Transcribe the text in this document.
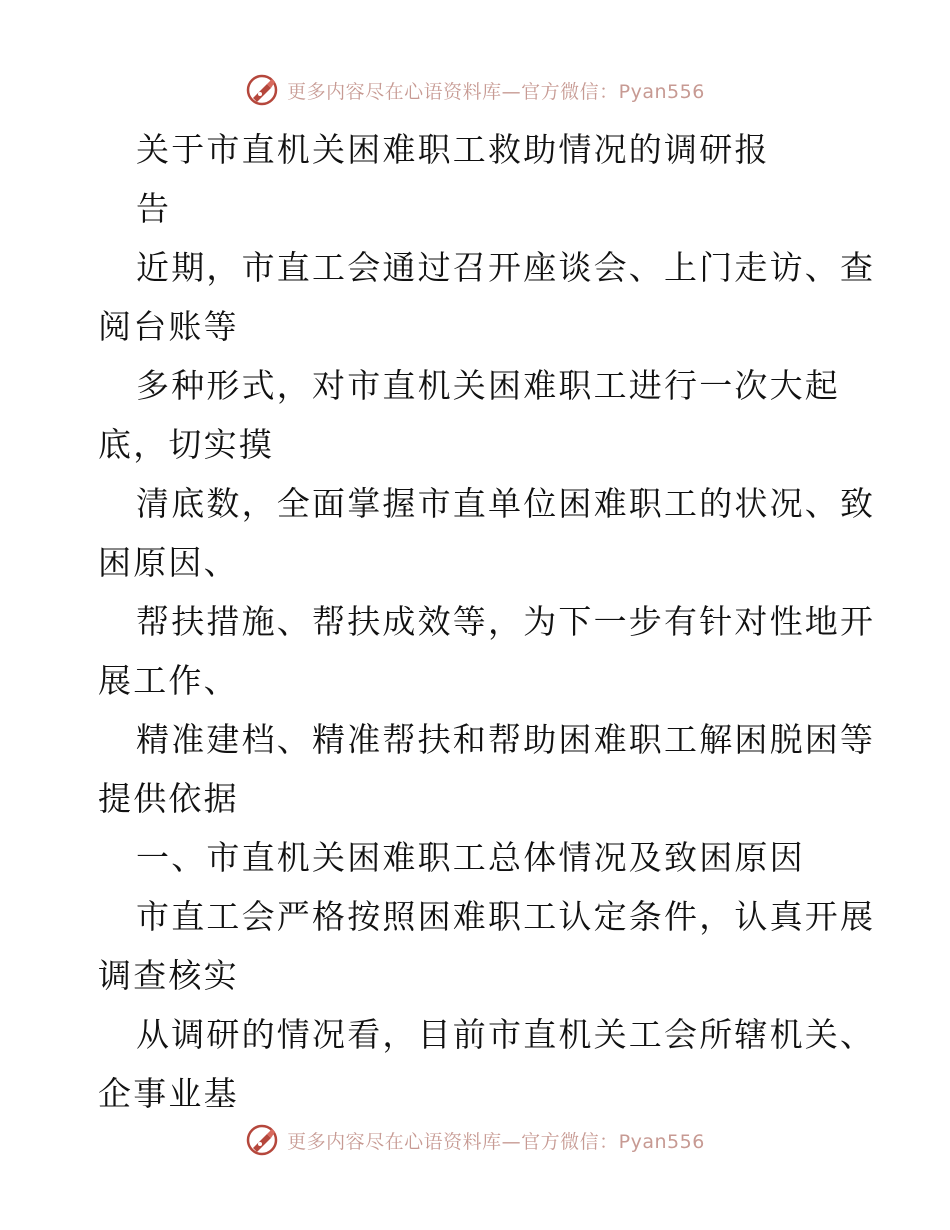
更多内容尽在心语资料库—官方微信：Pyan556
关于市直机关困难职工救助情况的调研报
告
近期，市直工会通过召开座谈会、上门走访、查
阅台账等
多种形式，对市直机关困难职工进行一次大起
底，切实摸
清底数，全面掌握市直单位困难职工的状况、致
困原因、
帮扶措施、帮扶成效等，为下一步有针对性地开
展工作、
精准建档、精准帮扶和帮助困难职工解困脱困等
提供依据
一、市直机关困难职工总体情况及致困原因
市直工会严格按照困难职工认定条件，认真开展
调查核实
从调研的情况看，目前市直机关工会所辖机关、
企事业基
更多内容尽在心语资料库—官方微信：Pyan556
